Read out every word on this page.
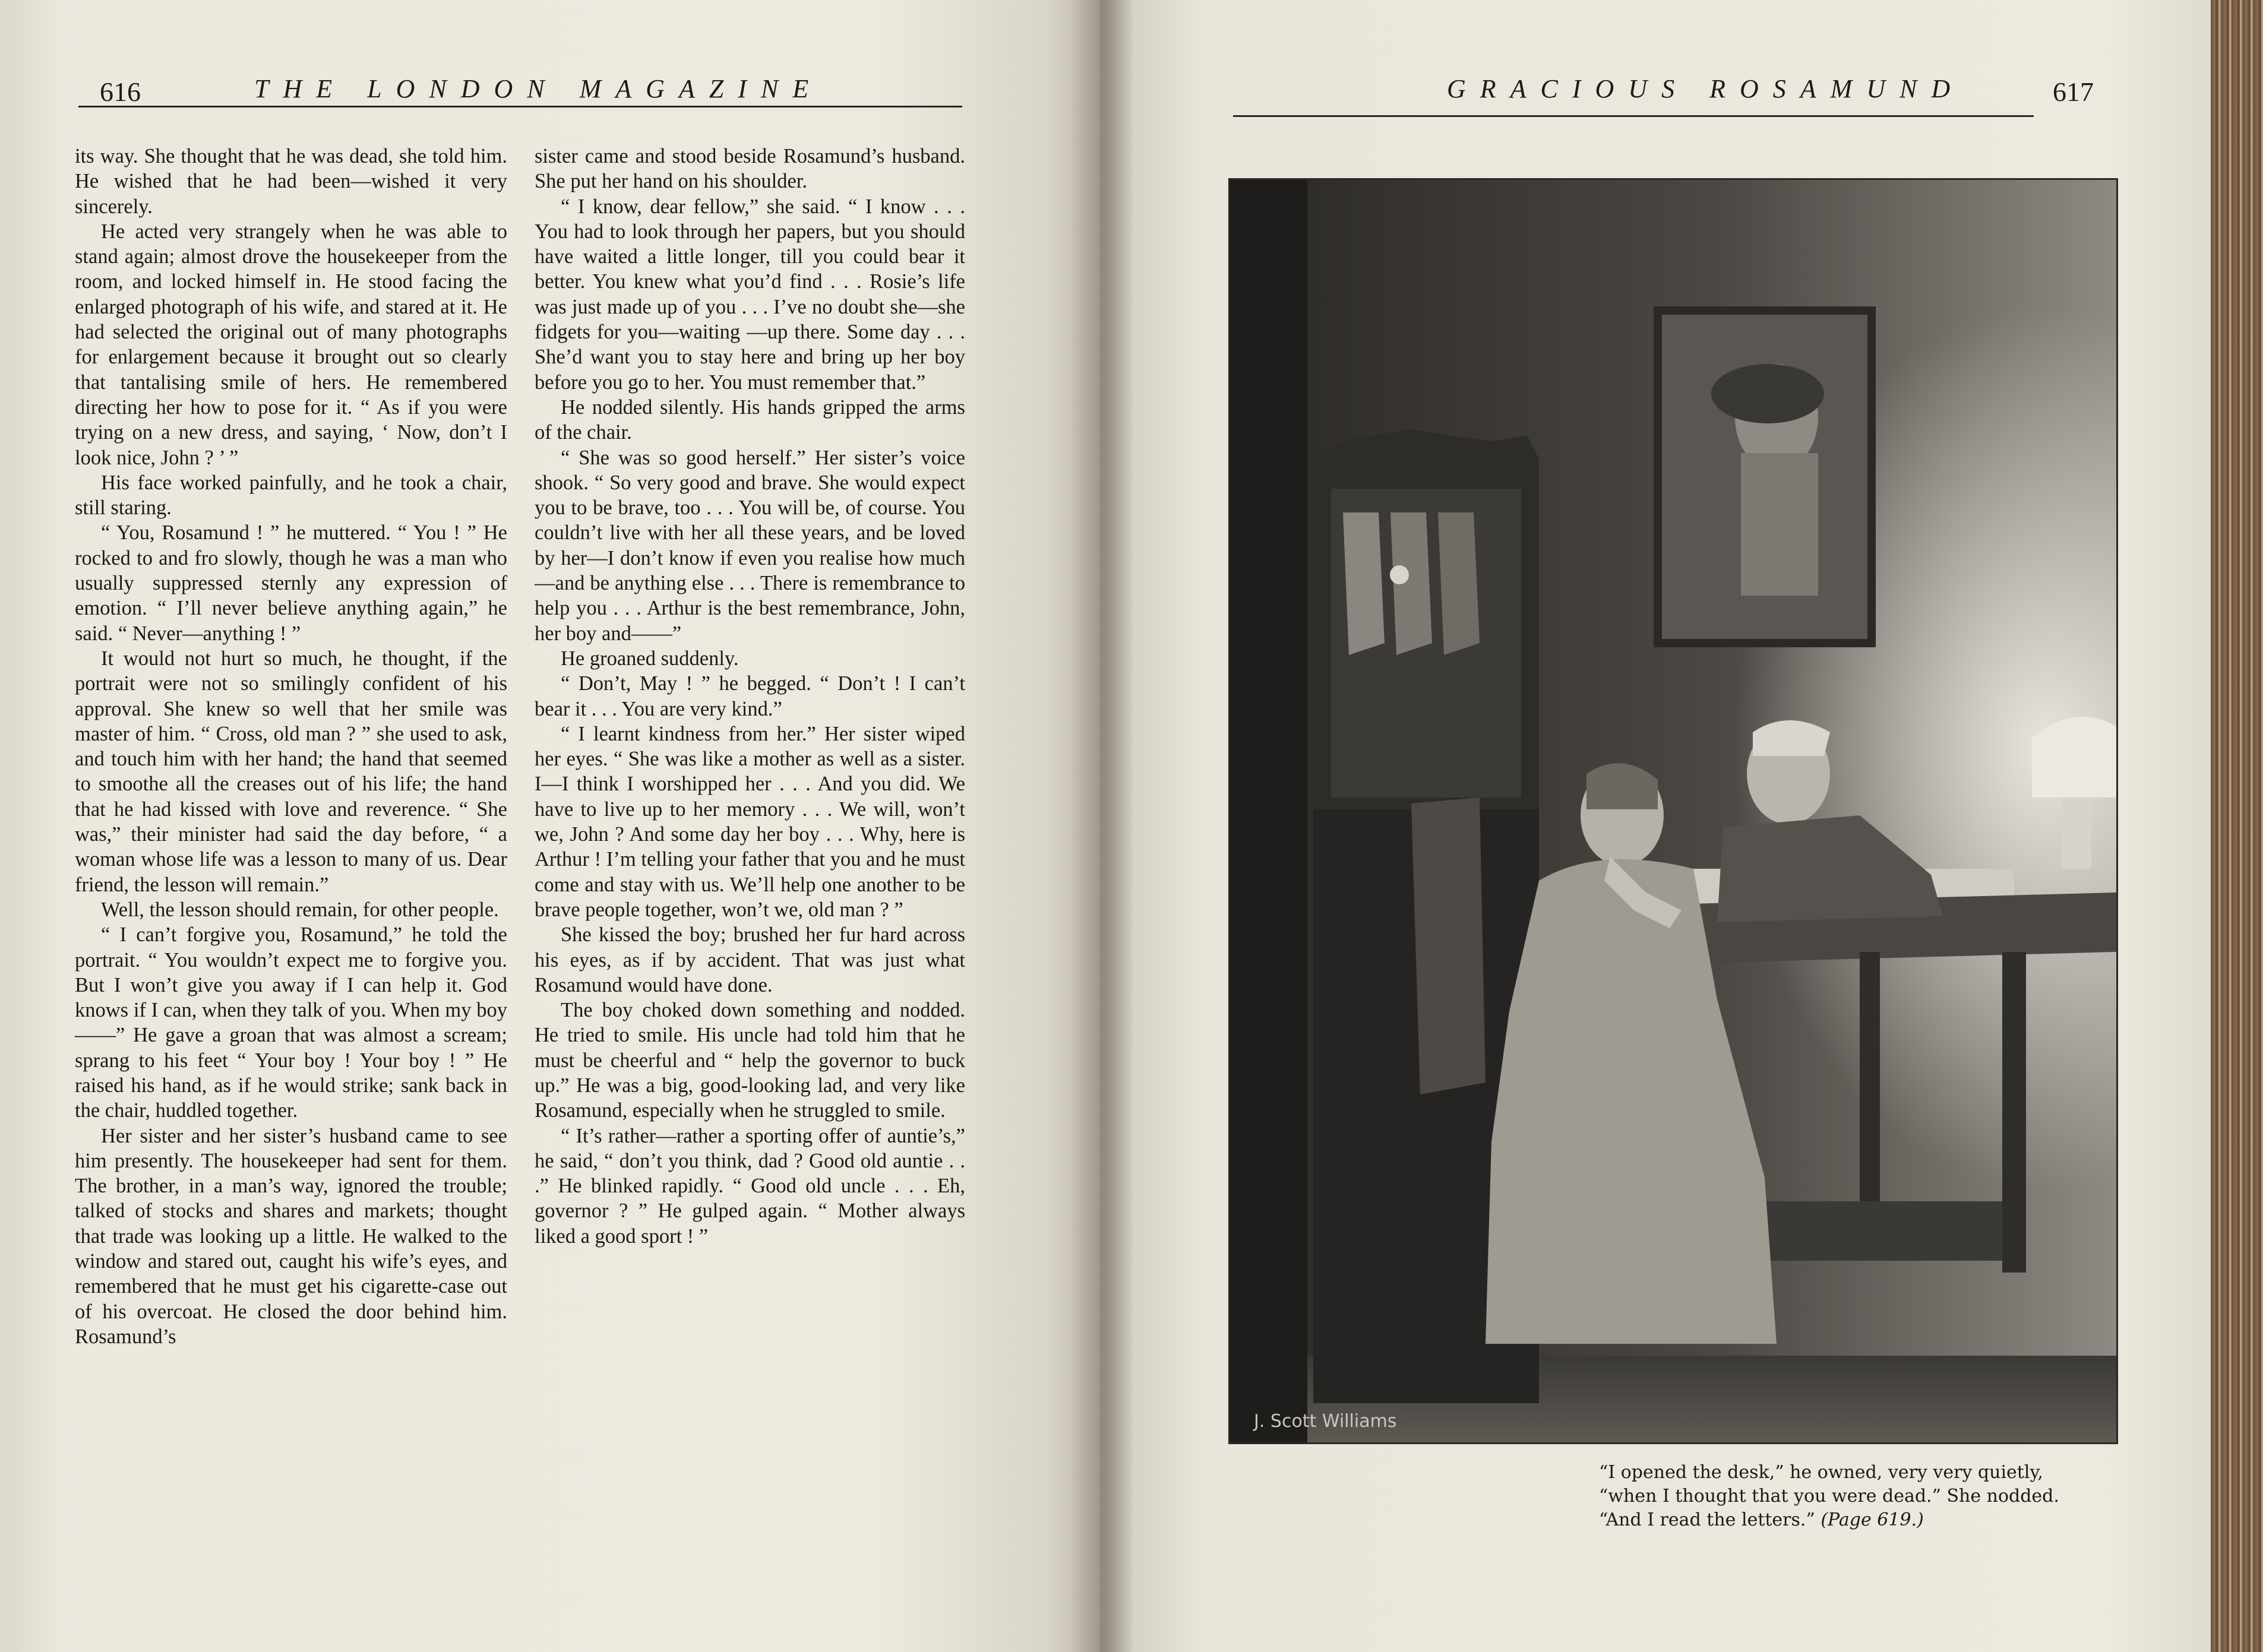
616	THE LONDON MAGAZINE

its way. She thought that he was dead, she told him. He wished that he had been—wished it very sincerely.

He acted very strangely when he was able to stand again; almost drove the housekeeper from the room, and locked himself in. He stood facing the enlarged photograph of his wife, and stared at it. He had selected the original out of many photographs for enlargement because it brought out so clearly that tantalising smile of hers. He remembered directing her how to pose for it. “ As if you were trying on a new dress, and saying, ‘ Now, don’t I look nice, John ? ’ ”

His face worked painfully, and he took a chair, still staring.

“ You, Rosamund ! ” he muttered. “ You ! ” He rocked to and fro slowly, though he was a man who usually suppressed sternly any expression of emotion. “ I’ll never believe anything again,” he said. “ Never—anything ! ”

It would not hurt so much, he thought, if the portrait were not so smilingly confident of his approval. She knew so well that her smile was master of him. “ Cross, old man ? ” she used to ask, and touch him with her hand; the hand that seemed to smoothe all the creases out of his life; the hand that he had kissed with love and reverence. “ She was,” their minister had said the day before, “ a woman whose life was a lesson to many of us. Dear friend, the lesson will remain.”

Well, the lesson should remain, for other people.

“ I can’t forgive you, Rosamund,” he told the portrait. “ You wouldn’t expect me to forgive you. But I won’t give you away if I can help it. God knows if I can, when they talk of you. When my boy——” He gave a groan that was almost a scream; sprang to his feet “ Your boy ! Your boy ! ” He raised his hand, as if he would strike; sank back in the chair, huddled together.

Her sister and her sister’s husband came to see him presently. The housekeeper had sent for them. The brother, in a man’s way, ignored the trouble; talked of stocks and shares and markets; thought that trade was looking up a little. He walked to the window and stared out, caught his wife’s eyes, and remembered that he must get his cigarette-case out of his overcoat. He closed the door behind him. Rosamund’s

sister came and stood beside Rosamund’s husband. She put her hand on his shoulder.

“ I know, dear fellow,” she said. “ I know . . . You had to look through her papers, but you should have waited a little longer, till you could bear it better. You knew what you’d find . . . Rosie’s life was just made up of you . . . I’ve no doubt she—she fidgets for you—waiting —up there. Some day . . . She’d want you to stay here and bring up her boy before you go to her. You must remember that.”

He nodded silently. His hands gripped the arms of the chair.

“ She was so good herself.” Her sister’s voice shook. “ So very good and brave. She would expect you to be brave, too . . . You will be, of course. You couldn’t live with her all these years, and be loved by her—I don’t know if even you realise how much—and be anything else . . . There is remembrance to help you . . . Arthur is the best remembrance, John, her boy and——”

He groaned suddenly.

“ Don’t, May ! ” he begged. “ Don’t ! I can’t bear it . . . You are very kind.”

“ I learnt kindness from her.” Her sister wiped her eyes. “ She was like a mother as well as a sister. I—I think I worshipped her . . . And you did. We have to live up to her memory . . . We will, won’t we, John ? And some day her boy . . . Why, here is Arthur ! I’m telling your father that you and he must come and stay with us. We’ll help one another to be brave people together, won’t we, old man ? ”

She kissed the boy; brushed her fur hard across his eyes, as if by accident. That was just what Rosamund would have done.

The boy choked down something and nodded. He tried to smile. His uncle had told him that he must be cheerful and “ help the governor to buck up.” He was a big, good-looking lad, and very like Rosamund, especially when he struggled to smile.

“ It’s rather—rather a sporting offer of auntie’s,” he said, “ don’t you think, dad ? Good old auntie . . .” He blinked rapidly. “ Good old uncle . . . Eh, governor ? ” He gulped again. “ Mother always liked a good sport ! ”

GRACIOUS ROSAMUND	617
J. Scott Williams
“I opened the desk,” he owned, very very quietly,
“when I thought that you were dead.” She nodded.
“And I read the letters.” (Page 619.)
